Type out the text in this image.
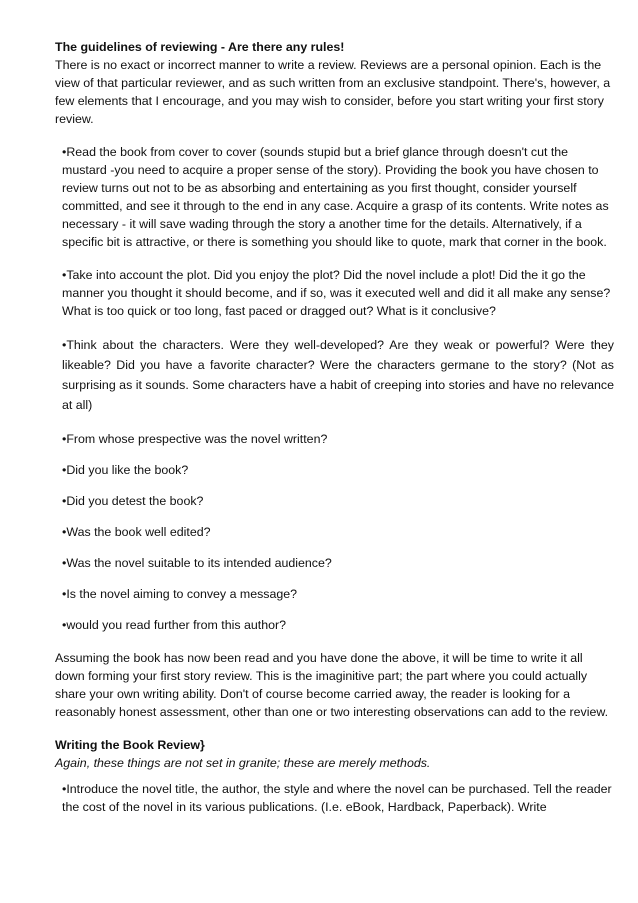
The guidelines of reviewing - Are there any rules!

There is no exact or incorrect manner to write a review. Reviews are a personal opinion. Each is the view of that particular reviewer, and as such written from an exclusive standpoint. There's, however, a few elements that I encourage, and you may wish to consider, before you start writing your first story review.

•Read the book from cover to cover (sounds stupid but a brief glance through doesn't cut the mustard -you need to acquire a proper sense of the story). Providing the book you have chosen to review turns out not to be as absorbing and entertaining as you first thought, consider yourself committed, and see it through to the end in any case. Acquire a grasp of its contents. Write notes as necessary - it will save wading through the story a another time for the details. Alternatively, if a specific bit is attractive, or there is something you should like to quote, mark that corner in the book.

•Take into account the plot. Did you enjoy the plot? Did the novel include a plot! Did the it go the manner you thought it should become, and if so, was it executed well and did it all make any sense? What is too quick or too long, fast paced or dragged out? What is it conclusive?

•Think about the characters. Were they well-developed? Are they weak or powerful? Were they likeable? Did you have a favorite character? Were the characters germane to the story? (Not as surprising as it sounds. Some characters have a habit of creeping into stories and have no relevance at all)

•From whose prespective was the novel written?

•Did you like the book?

•Did you detest the book?

•Was the book well edited?

•Was the novel suitable to its intended audience?

•Is the novel aiming to convey a message?

•would you read further from this author?

Assuming the book has now been read and you have done the above, it will be time to write it all down forming your first story review. This is the imaginitive part; the part where you could actually share your own writing ability. Don't of course become carried away, the reader is looking for a reasonably honest assessment, other than one or two interesting observations can add to the review.

Writing the Book Review}

Again, these things are not set in granite; these are merely methods.

•Introduce the novel title, the author, the style and where the novel can be purchased. Tell the reader the cost of the novel in its various publications. (I.e. eBook, Hardback, Paperback). Write
